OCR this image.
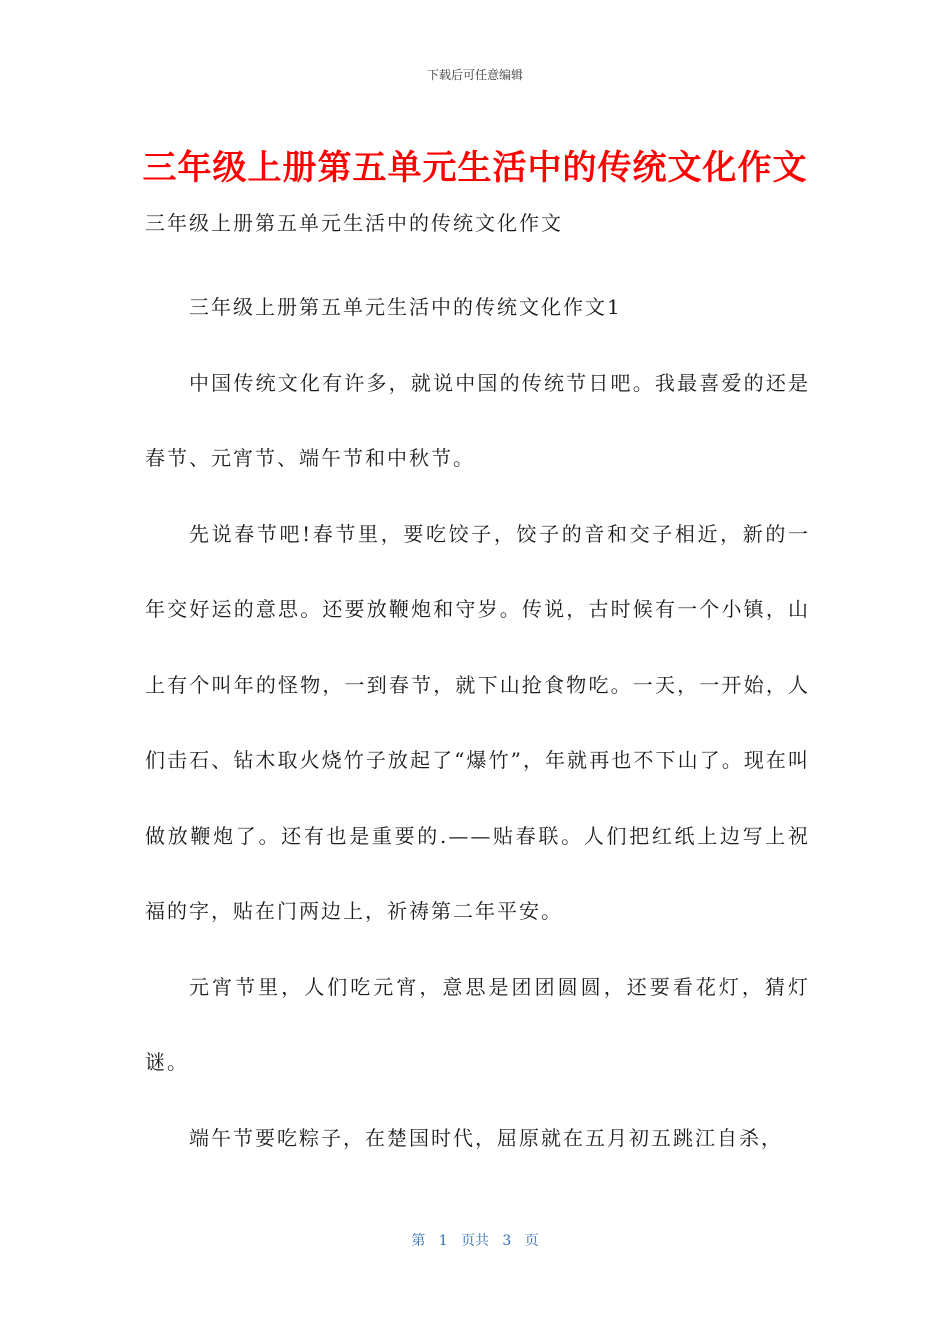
下载后可任意编辑
三年级上册第五单元生活中的传统文化作文
三年级上册第五单元生活中的传统文化作文

三年级上册第五单元生活中的传统文化作文1

中国传统文化有许多，就说中国的传统节日吧。我最喜爱的还是春节、元宵节、端午节和中秋节。

先说春节吧!春节里，要吃饺子，饺子的音和交子相近，新的一年交好运的意思。还要放鞭炮和守岁。传说，古时候有一个小镇，山上有个叫年的怪物，一到春节，就下山抢食物吃。一天，一开始，人们击石、钻木取火烧竹子放起了“爆竹”，年就再也不下山了。现在叫做放鞭炮了。还有也是重要的.——贴春联。人们把红纸上边写上祝福的字，贴在门两边上，祈祷第二年平安。

元宵节里，人们吃元宵，意思是团团圆圆，还要看花灯，猜灯谜。

端午节要吃粽子，在楚国时代，屈原就在五月初五跳江自杀，

第 1 页共 3 页
